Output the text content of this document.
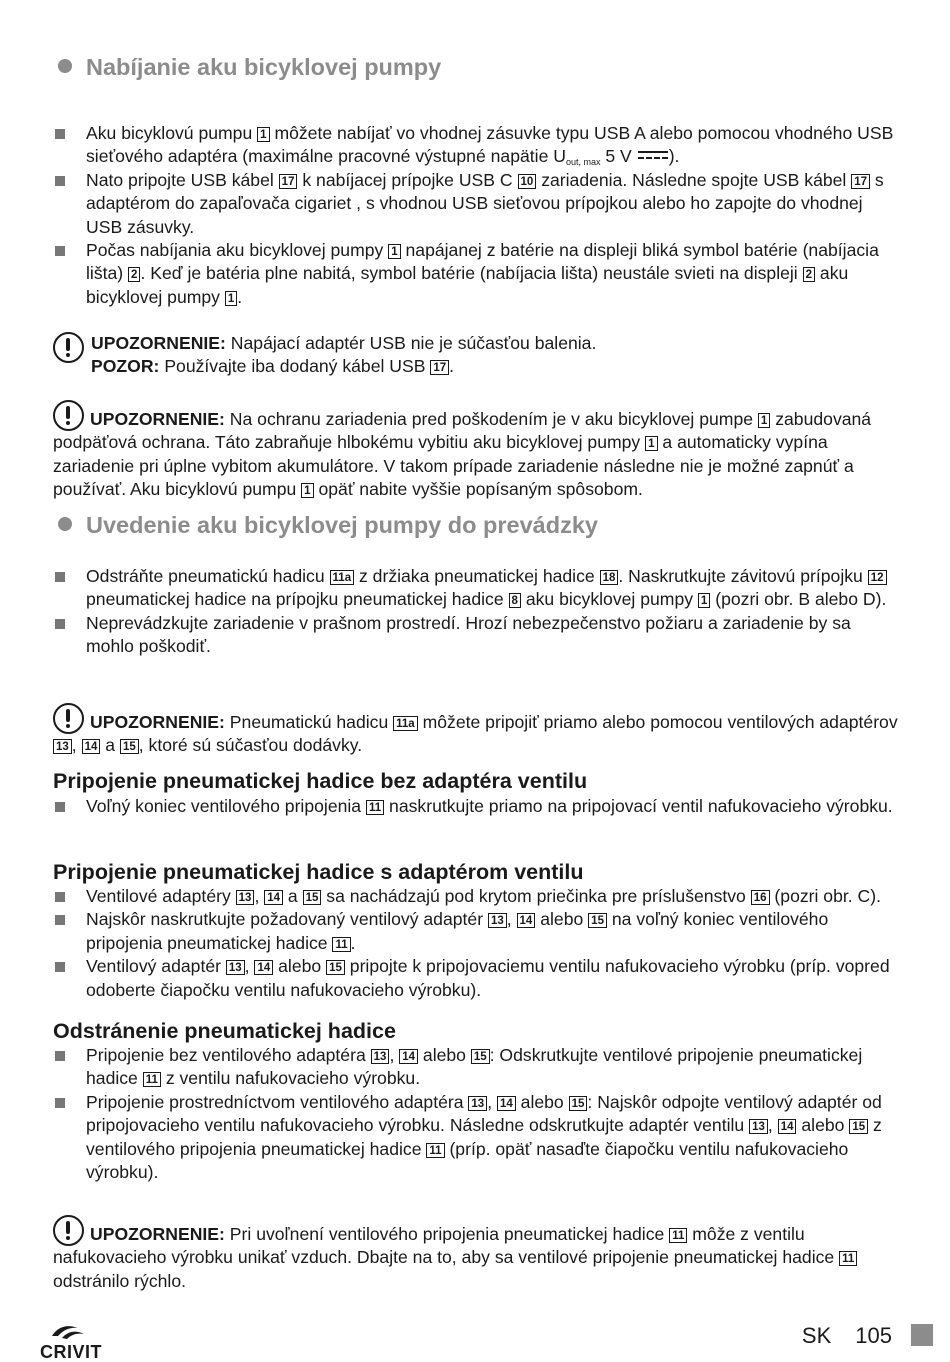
Nabíjanie aku bicyklovej pumpy
Aku bicyklovú pumpu 1 môžete nabíjať vo vhodnej zásuvke typu USB A alebo pomocou vhodného USB sieťového adaptéra (maximálne pracovné výstupné napätie $U_{out, max}$ 5 V ).
Nato pripojte USB kábel 17 k nabíjacej prípojke USB C 10 zariadenia. Následne spojte USB kábel 17 s adaptérom do zapaľovača cigariet , s vhodnou USB sieťovou prípojkou alebo ho zapojte do vhodnej USB zásuvky.
Počas nabíjania aku bicyklovej pumpy 1 napájanej z batérie na displeji bliká symbol batérie (nabíjacia lišta) 2 . Keď je batéria plne nabitá, symbol batérie (nabíjacia lišta) neustále svieti na displeji 2 aku bicyklovej pumpy 1 .
UPOZORNENIE: Napájací adaptér USB nie je súčasťou balenia.
POZOR: Používajte iba dodaný kábel USB 17 .
UPOZORNENIE: Na ochranu zariadenia pred poškodením je v aku bicyklovej pumpe 1 zabudovaná podpäťová ochrana. Táto zabraňuje hlbokému vybitiu aku bicyklovej pumpy 1 a automaticky vypína zariadenie pri úplne vybitom akumulátore. V takom prípade zariadenie následne nie je možné zapnúť a používať. Aku bicyklovú pumpu 1 opäť nabite vyššie popísaným spôsobom.
Uvedenie aku bicyklovej pumpy do prevádzky
Odstráňte pneumatickú hadicu 11a z držiaka pneumatickej hadice 18 . Naskrutkujte závitovú prípojku 12 pneumatickej hadice na prípojku pneumatickej hadice 8 aku bicyklovej pumpy 1 (pozri obr. B alebo D).
Neprevádzkujte zariadenie v prašnom prostredí. Hrozí nebezpečenstvo požiaru a zariadenie by sa mohlo poškodiť.
UPOZORNENIE: Pneumatickú hadicu 11a môžete pripojiť priamo alebo pomocou ventilových adaptérov 13 , 14 a 15 , ktoré sú súčasťou dodávky.
Pripojenie pneumatickej hadice bez adaptéra ventilu
Voľný koniec ventilového pripojenia 11 naskrutkujte priamo na pripojovací ventil nafukovacieho výrobku.
Pripojenie pneumatickej hadice s adaptérom ventilu
Ventilové adaptéry 13 , 14 a 15 sa nachádzajú pod krytom priečinka pre príslušenstvo 16 (pozri obr. C).
Najskôr naskrutkujte požadovaný ventilový adaptér 13 , 14 alebo 15 na voľný koniec ventilového pripojenia pneumatickej hadice 11 .
Ventilový adaptér 13 , 14 alebo 15 pripojte k pripojovaciemu ventilu nafukovacieho výrobku (príp. vopred odoberte čiapočku ventilu nafukovacieho výrobku).
Odstránenie pneumatickej hadice
Pripojenie bez ventilového adaptéra 13 , 14 alebo 15 : Odskrutkujte ventilové pripojenie pneumatickej hadice 11 z ventilu nafukovacieho výrobku.
Pripojenie prostredníctvom ventilového adaptéra 13 , 14 alebo 15 : Najskôr odpojte ventilový adaptér od pripojovacieho ventilu nafukovacieho výrobku. Následne odskrutkujte adaptér ventilu 13 , 14 alebo 15 z ventilového pripojenia pneumatickej hadice 11 (príp. opäť nasaďte čiapočku ventilu nafukovacieho výrobku).
UPOZORNENIE: Pri uvoľnení ventilového pripojenia pneumatickej hadice 11 môže z ventilu nafukovacieho výrobku unikať vzduch. Dbajte na to, aby sa ventilové pripojenie pneumatickej hadice 11 odstránilo rýchlo.
CRIVIT
SK 105
